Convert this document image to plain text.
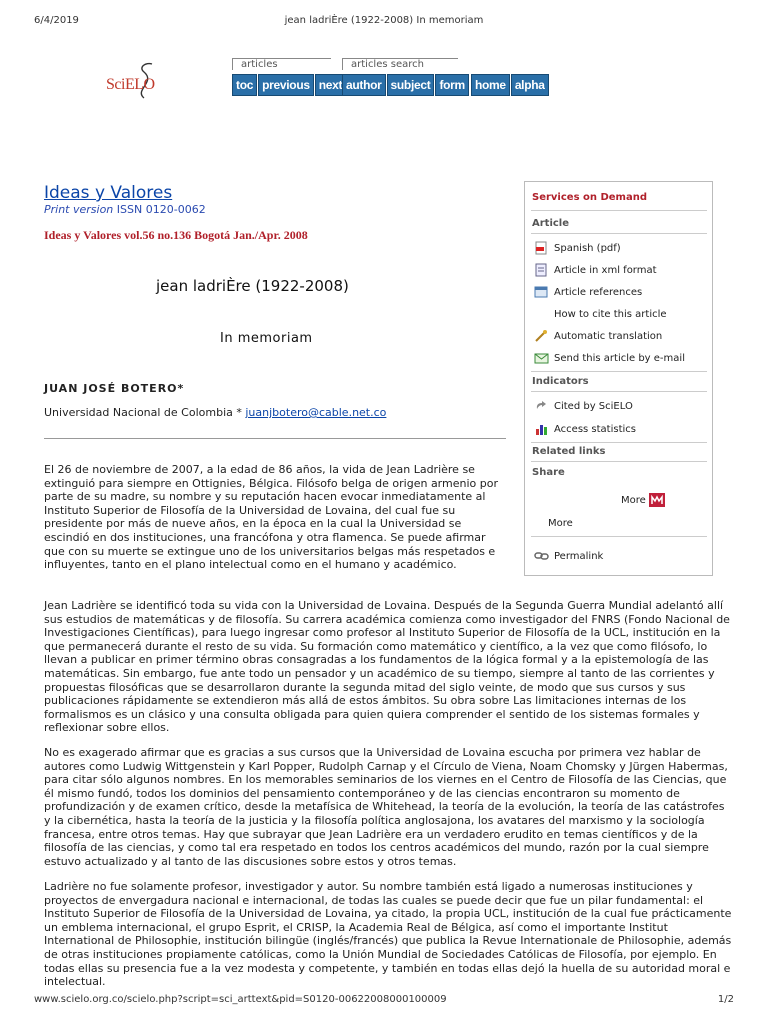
6/4/2019	jean ladriÈre (1922-2008) In memoriam
SciELO
articles
toc previous next
articles search
author subject form home alpha
Ideas y Valores
Print version ISSN 0120-0062
Ideas y Valores vol.56 no.136 Bogotá Jan./Apr. 2008
jean ladriÈre (1922-2008)
In memoriam
JUAN JOSÉ BOTERO*
Universidad Nacional de Colombia * juanjbotero@cable.net.co

El 26 de noviembre de 2007, a la edad de 86 años, la vida de Jean Ladrière se extinguió para siempre en Ottignies, Bélgica. Filósofo belga de origen armenio por parte de su madre, su nombre y su reputación hacen evocar inmediatamente al Instituto Superior de Filosofía de la Universidad de Lovaina, del cual fue su presidente por más de nueve años, en la época en la cual la Universidad se escindió en dos instituciones, una francófona y otra flamenca. Se puede afirmar que con su muerte se extingue uno de los universitarios belgas más respetados e influyentes, tanto en el plano intelectual como en el humano y académico.

Jean Ladrière se identificó toda su vida con la Universidad de Lovaina. Después de la Segunda Guerra Mundial adelantó allí sus estudios de matemáticas y de filosofía. Su carrera académica comienza como investigador del FNRS (Fondo Nacional de Investigaciones Científicas), para luego ingresar como profesor al Instituto Superior de Filosofía de la UCL, institución en la que permanecerá durante el resto de su vida. Su formación como matemático y científico, a la vez que como filósofo, lo llevan a publicar en primer término obras consagradas a los fundamentos de la lógica formal y a la epistemología de las matemáticas. Sin embargo, fue ante todo un pensador y un académico de su tiempo, siempre al tanto de las corrientes y propuestas filosóficas que se desarrollaron durante la segunda mitad del siglo veinte, de modo que sus cursos y sus publicaciones rápidamente se extendieron más allá de estos ámbitos. Su obra sobre Las limitaciones internas de los formalismos es un clásico y una consulta obligada para quien quiera comprender el sentido de los sistemas formales y reflexionar sobre ellos.

No es exagerado afirmar que es gracias a sus cursos que la Universidad de Lovaina escucha por primera vez hablar de autores como Ludwig Wittgenstein y Karl Popper, Rudolph Carnap y el Círculo de Viena, Noam Chomsky y Jürgen Habermas, para citar sólo algunos nombres. En los memorables seminarios de los viernes en el Centro de Filosofía de las Ciencias, que él mismo fundó, todos los dominios del pensamiento contemporáneo y de las ciencias encontraron su momento de profundización y de examen crítico, desde la metafísica de Whitehead, la teoría de la evolución, la teoría de las catástrofes y la cibernética, hasta la teoría de la justicia y la filosofía política anglosajona, los avatares del marxismo y la sociología francesa, entre otros temas. Hay que subrayar que Jean Ladrière era un verdadero erudito en temas científicos y de la filosofía de las ciencias, y como tal era respetado en todos los centros académicos del mundo, razón por la cual siempre estuvo actualizado y al tanto de las discusiones sobre estos y otros temas.

Ladrière no fue solamente profesor, investigador y autor. Su nombre también está ligado a numerosas instituciones y proyectos de envergadura nacional e internacional, de todas las cuales se puede decir que fue un pilar fundamental: el Instituto Superior de Filosofía de la Universidad de Lovaina, ya citado, la propia UCL, institución de la cual fue prácticamente un emblema internacional, el grupo Esprit, el CRISP, la Academia Real de Bélgica, así como el importante Institut International de Philosophie, institución bilingüe (inglés/francés) que publica la Revue Internationale de Philosophie, además de otras instituciones propiamente católicas, como la Unión Mundial de Sociedades Católicas de Filosofía, por ejemplo. En todas ellas su presencia fue a la vez modesta y competente, y también en todas ellas dejó la huella de su autoridad moral e intelectual.

Services on Demand
Article
Spanish (pdf)
Article in xml format
Article references
How to cite this article
Automatic translation
Send this article by e-mail
Indicators
Cited by SciELO
Access statistics
Related links
Share
More
More
Permalink
www.scielo.org.co/scielo.php?script=sci_arttext&pid=S0120-00622008000100009	1/2
